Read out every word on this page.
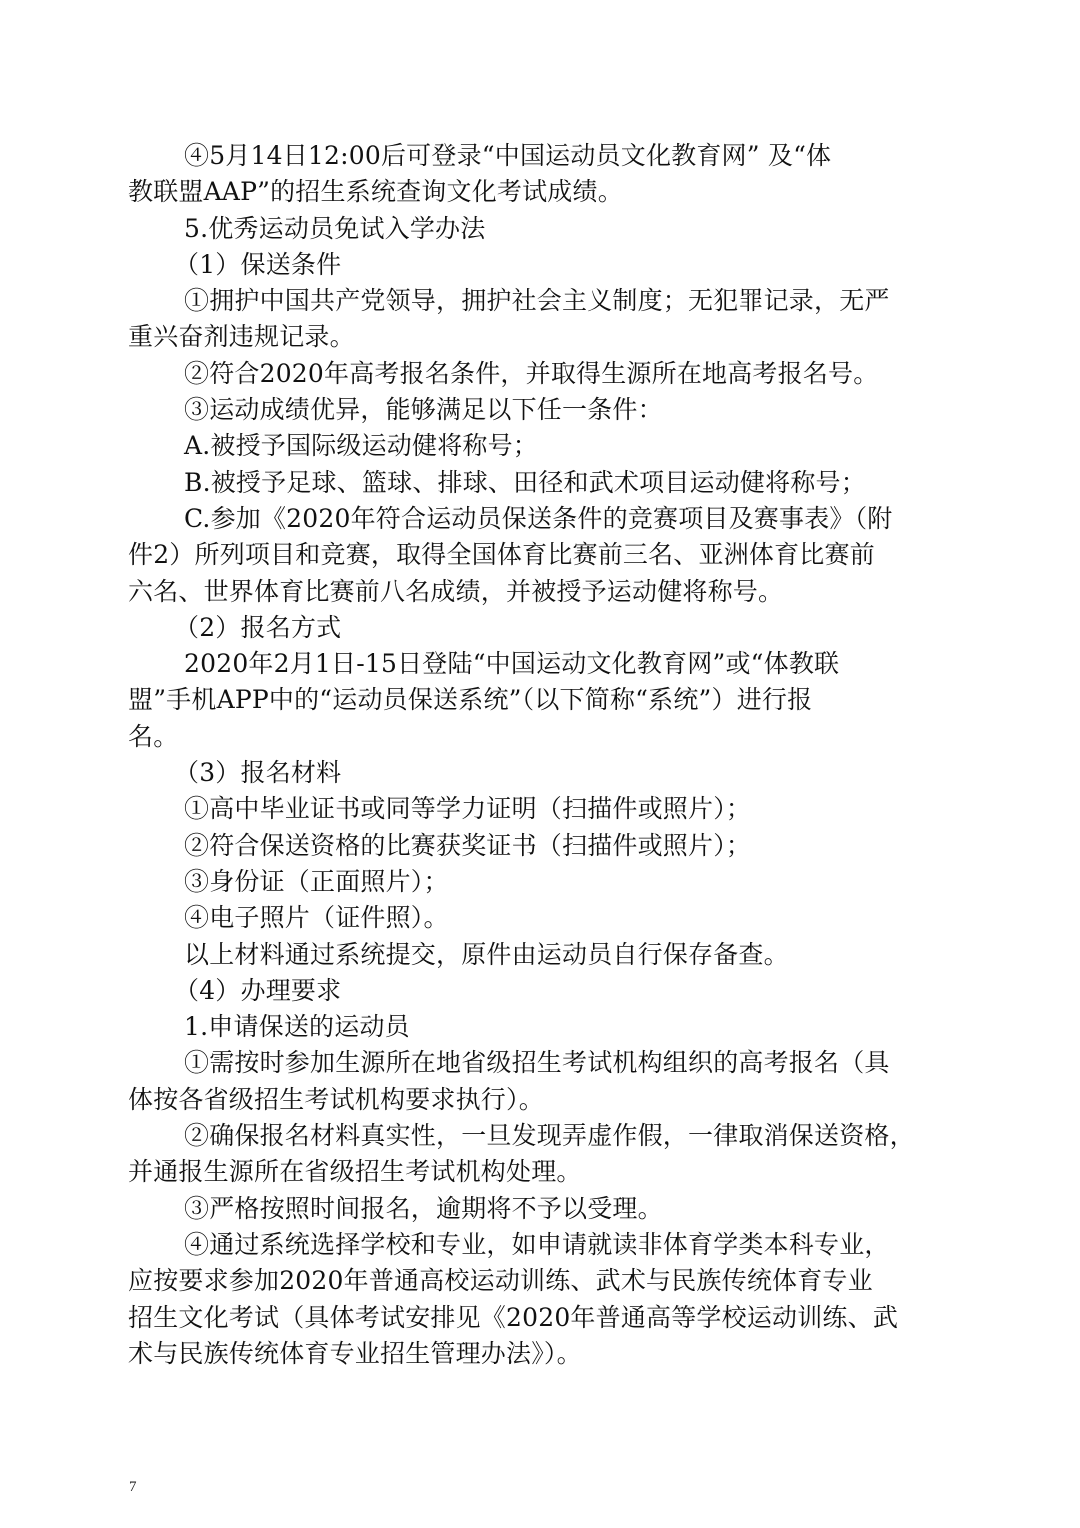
④5月14日12:00后可登录“中国运动员文化教育网” 及“体
教联盟AAP”的招生系统查询文化考试成绩。
5.优秀运动员免试入学办法
（1）保送条件
①拥护中国共产党领导，拥护社会主义制度；无犯罪记录，无严
重兴奋剂违规记录。
②符合2020年高考报名条件，并取得生源所在地高考报名号。
③运动成绩优异，能够满足以下任一条件：
A.被授予国际级运动健将称号；
B.被授予足球、篮球、排球、田径和武术项目运动健将称号；
C.参加《2020年符合运动员保送条件的竞赛项目及赛事表》（附
件2）所列项目和竞赛，取得全国体育比赛前三名、亚洲体育比赛前
六名、世界体育比赛前八名成绩，并被授予运动健将称号。
（2）报名方式
2020年2月1日-15日登陆“中国运动文化教育网”或“体教联
盟”手机APP中的“运动员保送系统”（以下简称“系统”）进行报
名。
（3）报名材料
①高中毕业证书或同等学力证明（扫描件或照片）；
②符合保送资格的比赛获奖证书（扫描件或照片）；
③身份证（正面照片）；
④电子照片（证件照）。
以上材料通过系统提交，原件由运动员自行保存备查。
（4）办理要求
1.申请保送的运动员
①需按时参加生源所在地省级招生考试机构组织的高考报名（具
体按各省级招生考试机构要求执行）。
②确保报名材料真实性，一旦发现弄虚作假，一律取消保送资格，
并通报生源所在省级招生考试机构处理。
③严格按照时间报名，逾期将不予以受理。
④通过系统选择学校和专业，如申请就读非体育学类本科专业，
应按要求参加2020年普通高校运动训练、武术与民族传统体育专业
招生文化考试（具体考试安排见《2020年普通高等学校运动训练、武
术与民族传统体育专业招生管理办法》）。
7
